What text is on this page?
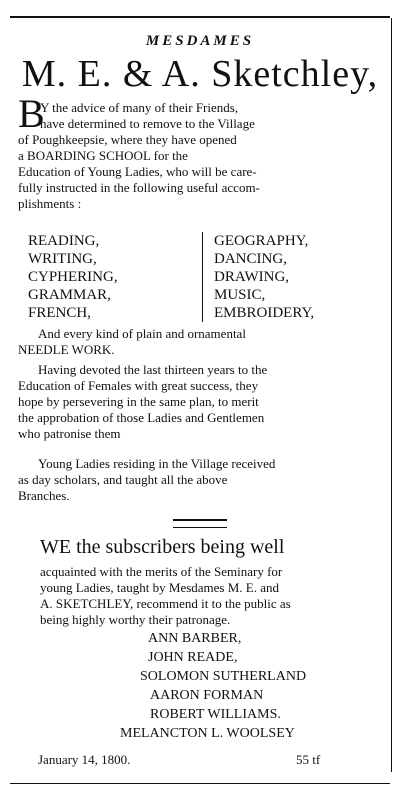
MESDAMES
M. E. & A. Sketchley,
B
Y the advice of many of their Friends,
have determined to remove to the Village
of Poughkeepsie, where they have opened
a BOARDING SCHOOL for the
Education of Young Ladies, who will be care-
fully instructed in the following useful accom-
plishments :
READING,
WRITING,
CYPHERING,
GRAMMAR,
FRENCH,
GEOGRAPHY,
DANCING,
DRAWING,
MUSIC,
EMBROIDERY,
And every kind of plain and ornamental
NEEDLE WORK.
Having devoted the last thirteen years to the
Education of Females with great success, they
hope by persevering in the same plan, to merit
the approbation of those Ladies and Gentlemen
who patronise them
Young Ladies residing in the Village received
as day scholars, and taught all the above
Branches.
WE the subscribers being well
acquainted with the merits of the Seminary for
young Ladies, taught by Mesdames M. E. and
A. SKETCHLEY, recommend it to the public as
being highly worthy their patronage.
ANN BARBER,
JOHN READE,
SOLOMON SUTHERLAND
AARON FORMAN
ROBERT WILLIAMS.
MELANCTON L. WOOLSEY
January 14, 1800.	55 tf
